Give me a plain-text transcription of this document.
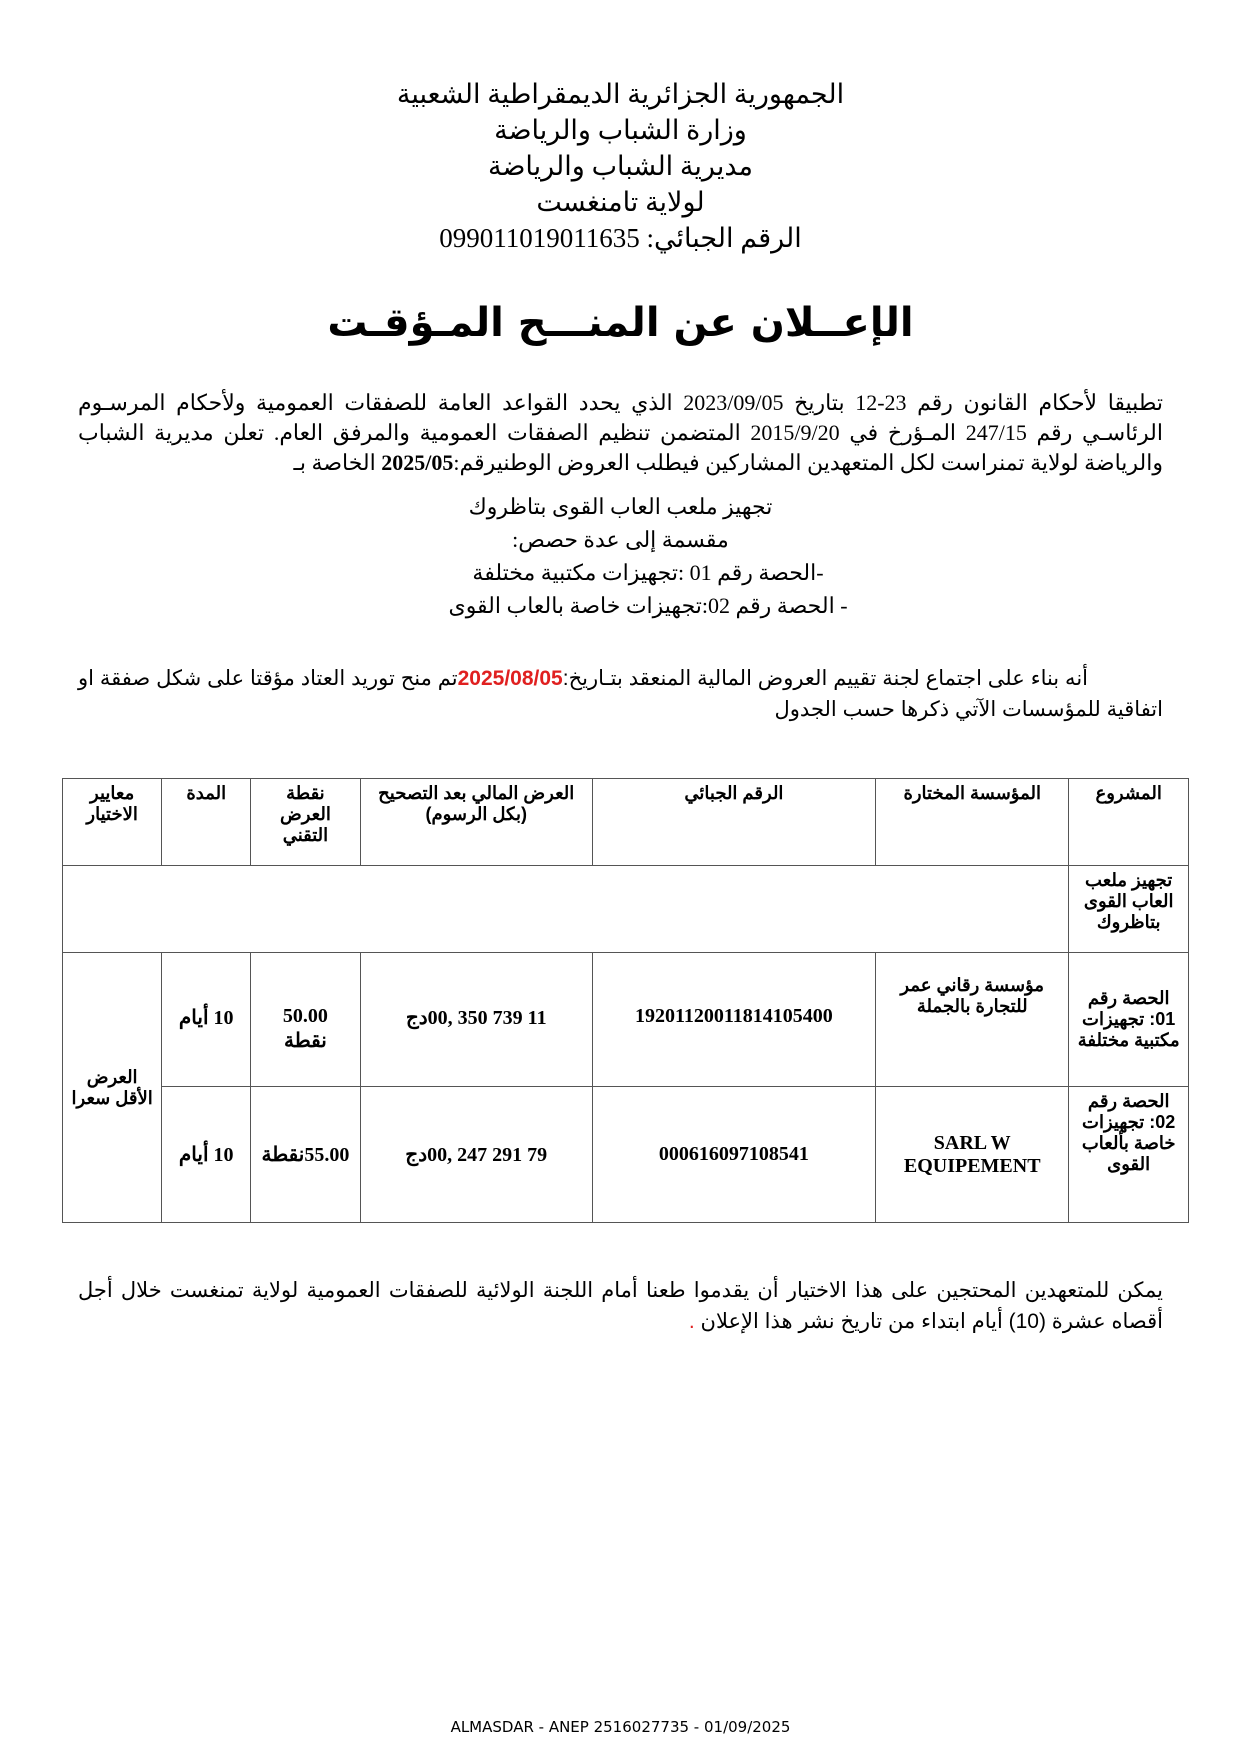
الجمهورية الجزائرية الديمقراطية الشعبية
وزارة الشباب والرياضة
مديرية الشباب والرياضة
لولاية تامنغست
الرقم الجبائي: 099011019011635
الإعــلان عن المنـــح المـؤقـت
تطبيقا لأحكام القانون رقم 23-12 بتاريخ 2023/09/05 الذي يحدد القواعد العامة للصفقات العمومية ولأحكام المرسـوم الرئاسـي رقم 247/15 المـؤرخ في 2015/9/20 المتضمن تنظيم الصفقات العمومية والمرفق العام. تعلن مديرية الشباب والرياضة لولاية تمنراست لكل المتعهدين المشاركين فيطلب العروض الوطنيرقم:2025/05 الخاصة بـ
تجهيز ملعب العاب القوى بتاظروك
مقسمة إلى عدة حصص:
-الحصة رقم 01 :تجهيزات مكتبية مختلفة
- الحصة رقم 02:تجهيزات خاصة بالعاب القوى
أنه بناء على اجتماع لجنة تقييم العروض المالية المنعقد بتـاريخ:2025/08/05تم منح توريد العتاد مؤقتا على شكل صفقة او اتفاقية للمؤسسات الآتي ذكرها حسب الجدول
المشروع	المؤسسة المختارة	الرقم الجبائي	العرض المالي بعد التصحيح (بكل الرسوم)	نقطة العرض التقني	المدة	معايير الاختيار
تجهيز ملعب العاب القوى بتاظروك						
الحصة رقم 01: تجهيزات مكتبية مختلفة	مؤسسة رقاني عمر للتجارة بالجملة	19201120011814105400	11 739 350 ,00دج	50.00 نقطة	10 أيام	العرض الأقل سعرا
الحصة رقم 02: تجهيزات خاصة بألعاب القوى	SARL W EQUIPEMENT	000616097108541	79 291 247 ,00دج	55.00نقطة	10 أيام	
يمكن للمتعهدين المحتجين على هذا الاختيار أن يقدموا طعنا أمام اللجنة الولائية للصفقات العمومية لولاية تمنغست خلال أجل أقصاه عشرة (10) أيام ابتداء من تاريخ نشر هذا الإعلان .
ALMASDAR - ANEP 2516027735 - 01/09/2025
